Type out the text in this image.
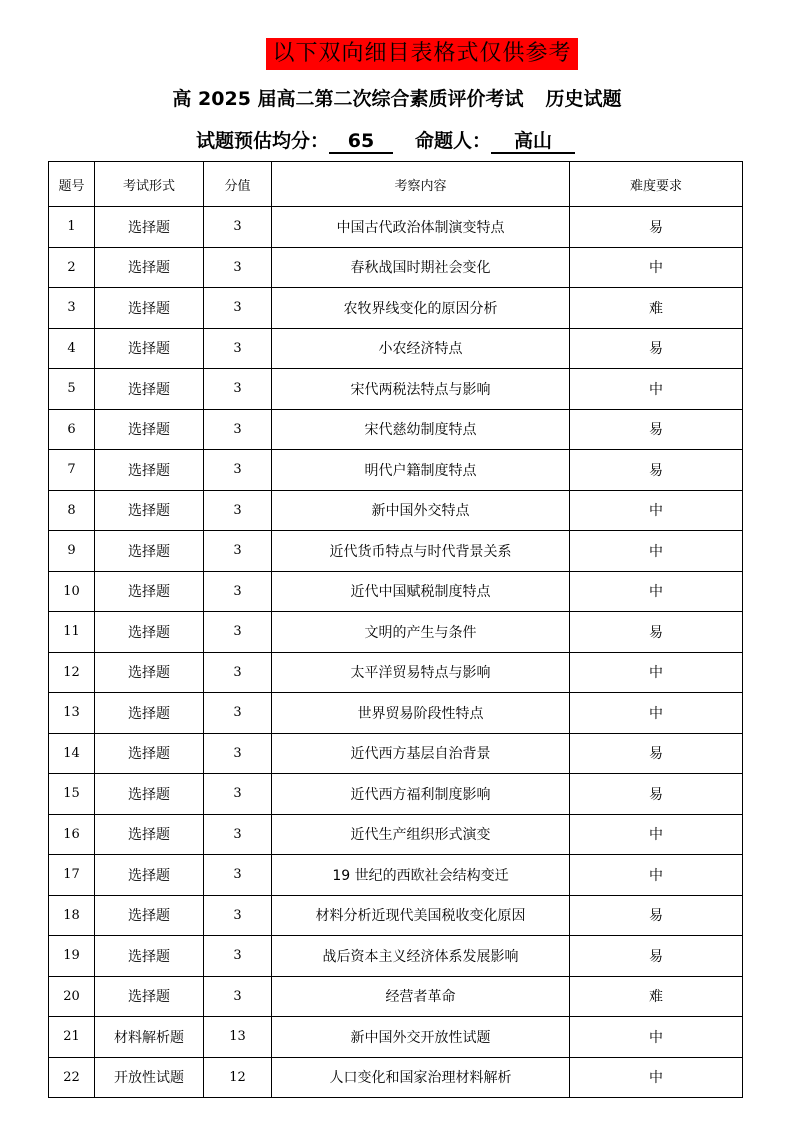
以下双向细目表格式仅供参考
高 2025 届高二第二次综合素质评价考试 历史试题
试题预估均分： 65 命题人： 高山
题号	考试形式	分值	考察内容	难度要求
1	选择题	3	中国古代政治体制演变特点	易
2	选择题	3	春秋战国时期社会变化	中
3	选择题	3	农牧界线变化的原因分析	难
4	选择题	3	小农经济特点	易
5	选择题	3	宋代两税法特点与影响	中
6	选择题	3	宋代慈幼制度特点	易
7	选择题	3	明代户籍制度特点	易
8	选择题	3	新中国外交特点	中
9	选择题	3	近代货币特点与时代背景关系	中
10	选择题	3	近代中国赋税制度特点	中
11	选择题	3	文明的产生与条件	易
12	选择题	3	太平洋贸易特点与影响	中
13	选择题	3	世界贸易阶段性特点	中
14	选择题	3	近代西方基层自治背景	易
15	选择题	3	近代西方福利制度影响	易
16	选择题	3	近代生产组织形式演变	中
17	选择题	3	19 世纪的西欧社会结构变迁	中
18	选择题	3	材料分析近现代美国税收变化原因	易
19	选择题	3	战后资本主义经济体系发展影响	易
20	选择题	3	经营者革命	难
21	材料解析题	13	新中国外交开放性试题	中
22	开放性试题	12	人口变化和国家治理材料解析	中
